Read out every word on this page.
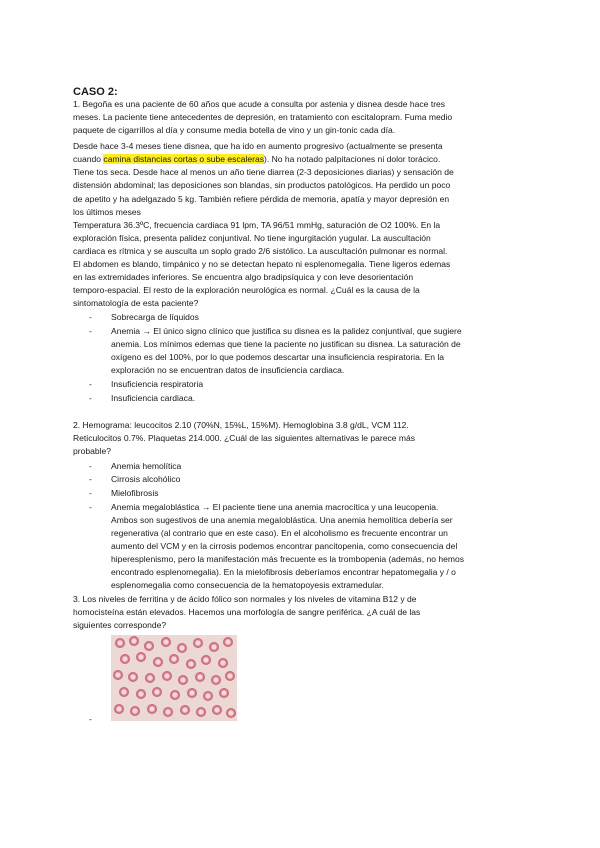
CASO 2:
1. Begoña es una paciente de 60 años que acude a consulta por astenia y disnea desde hace tres
meses. La paciente tiene antecedentes de depresión, en tratamiento con escitalopram. Fuma medio
paquete de cigarrillos al día y consume media botella de vino y un gin-tonic cada día.
Desde hace 3-4 meses tiene disnea, que ha ido en aumento progresivo (actualmente se presenta
cuando camina distancias cortas o sube escaleras). No ha notado palpitaciones ni dolor torácico.
Tiene tos seca. Desde hace al menos un año tiene diarrea (2-3 deposiciones diarias) y sensación de
distensión abdominal; las deposiciones son blandas, sin productos patológicos. Ha perdido un poco
de apetito y ha adelgazado 5 kg. También refiere pérdida de memoria, apatía y mayor depresión en
los últimos meses
Temperatura 36.3ºC, frecuencia cardiaca 91 lpm, TA 96/51 mmHg, saturación de O2 100%. En la
exploración física, presenta palidez conjuntival. No tiene ingurgitación yugular. La auscultación
cardiaca es rítmica y se ausculta un soplo grado 2/6 sistólico. La auscultación pulmonar es normal.
El abdomen es blando, timpánico y no se detectan hepato ni esplenomegalia. Tiene ligeros edemas
en las extremidades inferiores. Se encuentra algo bradipsíquica y con leve desorientación
temporo-espacial. El resto de la exploración neurológica es normal. ¿Cuál es la causa de la
sintomatología de esta paciente?
- Sobrecarga de líquidos
- Anemia → El único signo clínico que justifica su disnea es la palidez conjuntival, que sugiere
anemia. Los mínimos edemas que tiene la paciente no justifican su disnea. La saturación de
oxígeno es del 100%, por lo que podemos descartar una insuficiencia respiratoria. En la
exploración no se encuentran datos de insuficiencia cardiaca.
- Insuficiencia respiratoria
- Insuficiencia cardiaca.
2. Hemograma: leucocitos 2.10 (70%N, 15%L, 15%M). Hemoglobina 3.8 g/dL, VCM 112.
Reticulocitos 0.7%. Plaquetas 214.000. ¿Cuál de las siguientes alternativas le parece más
probable?
- Anemia hemolítica
- Cirrosis alcohólico
- Mielofibrosis
- Anemia megaloblástica → El paciente tiene una anemia macrocítica y una leucopenia.
Ambos son sugestivos de una anemia megaloblástica. Una anemia hemolítica debería ser
regenerativa (al contrario que en este caso). En el alcoholismo es frecuente encontrar un
aumento del VCM y en la cirrosis podemos encontrar pancitopenia, como consecuencia del
hiperesplenismo, pero la manifestación más frecuente es la trombopenia (además, no hemos
encontrado esplenomegalia). En la mielofibrosis deberíamos encontrar hepatomegalia y / o
esplenomegalia como consecuencia de la hematopoyesis extramedular.
3. Los niveles de ferritina y de ácido fólico son normales y los niveles de vitamina B12 y de
homocisteína están elevados. Hacemos una morfología de sangre periférica. ¿A cuál de las
siguientes corresponde?
-
